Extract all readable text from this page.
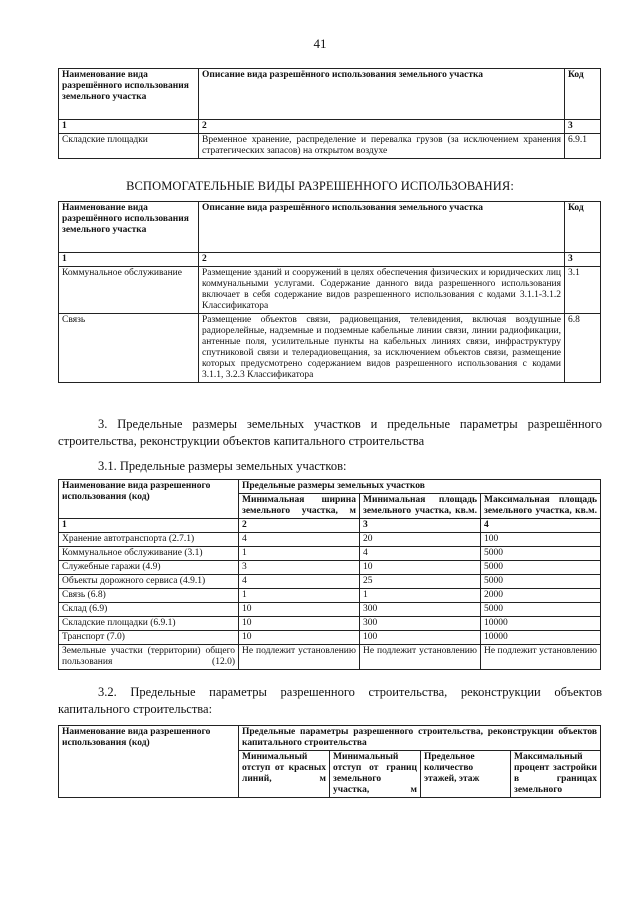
41
Наименование вида разрешённого использования земельного участка	Описание вида разрешённого использования земельного участка	Код
1	2	3
Складские площадки	Временное хранение, распределение и перевалка грузов (за исключением хранения стратегических запасов) на открытом воздухе	6.9.1
ВСПОМОГАТЕЛЬНЫЕ ВИДЫ РАЗРЕШЕННОГО ИСПОЛЬЗОВАНИЯ:
Наименование вида разрешённого использования земельного участка	Описание вида разрешённого использования земельного участка	Код
1	2	3
Коммунальное обслуживание	Размещение зданий и сооружений в целях обеспечения физических и юридических лиц коммунальными услугами. Содержание данного вида разрешенного использования включает в себя содержание видов разрешенного использования с кодами 3.1.1-3.1.2 Классификатора	3.1
Связь	Размещение объектов связи, радиовещания, телевидения, включая воздушные радиорелейные, надземные и подземные кабельные линии связи, линии радиофикации, антенные поля, усилительные пункты на кабельных линиях связи, инфраструктуру спутниковой связи и телерадиовещания, за исключением объектов связи, размещение которых предусмотрено содержанием видов разрешенного использования с кодами 3.1.1, 3.2.3 Классификатора	6.8
3. Предельные размеры земельных участков и предельные параметры разрешённого
строительства, реконструкции объектов капитального строительства
3.1. Предельные размеры земельных участков:
Наименование вида разрешенного использования (код)	Предельные размеры земельных участков		
	Минимальная ширина земельного участка, м	Минимальная площадь земельного участка, кв.м.	Максимальная площадь земельного участка, кв.м.
1	2	3	4
Хранение автотранспорта (2.7.1)	4	20	100
Коммунальное обслуживание (3.1)	1	4	5000
Служебные гаражи (4.9)	3	10	5000
Объекты дорожного сервиса (4.9.1)	4	25	5000
Связь (6.8)	1	1	2000
Склад (6.9)	10	300	5000
Складские площадки (6.9.1)	10	300	10000
Транспорт (7.0)	10	100	10000
Земельные участки (территории) общего пользования (12.0)	Не подлежит установлению	Не подлежит установлению	Не подлежит установлению
3.2. Предельные параметры разрешенного строительства, реконструкции объектов
капитального строительства:
Наименование вида разрешенного использования (код)	Предельные параметры разрешенного строительства, реконструкции объектов капитального строительства			
	Минимальный отступ от красных линий, м	Минимальный отступ от границ земельного участка, м	Предельное количество этажей, этаж	Максимальный процент застройки в границах земельного
